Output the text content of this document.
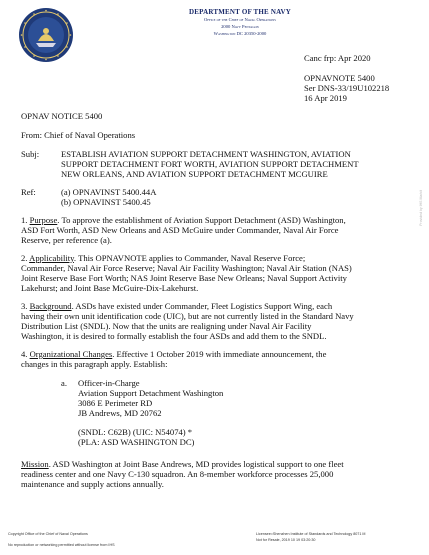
DEPARTMENT OF THE NAVY
Office of the Chief of Naval Operations
2000 Navy Pentagon
Washington DC 20350-2000
Canc frp: Apr 2020
OPNAVNOTE 5400
Ser DNS-33/19U102218
16 Apr 2019
OPNAV NOTICE 5400
From: Chief of Naval Operations
Subj:	ESTABLISH AVIATION SUPPORT DETACHMENT WASHINGTON, AVIATION
SUPPORT DETACHMENT FORT WORTH, AVIATION SUPPORT DETACHMENT
NEW ORLEANS, AND AVIATION SUPPORT DETACHMENT MCGUIRE
Ref:	(a) OPNAVINST 5400.44A
(b) OPNAVINST 5400.45
1. Purpose. To approve the establishment of Aviation Support Detachment (ASD) Washington,
ASD Fort Worth, ASD New Orleans and ASD McGuire under Commander, Naval Air Force
Reserve, per reference (a).
2. Applicability. This OPNAVNOTE applies to Commander, Naval Reserve Force;
Commander, Naval Air Force Reserve; Naval Air Facility Washington; Naval Air Station (NAS)
Joint Reserve Base Fort Worth; NAS Joint Reserve Base New Orleans; Naval Support Activity
Lakehurst; and Joint Base McGuire-Dix-Lakehurst.
3. Background. ASDs have existed under Commander, Fleet Logistics Support Wing, each
having their own unit identification code (UIC), but are not currently listed in the Standard Navy
Distribution List (SNDL). Now that the units are realigning under Naval Air Facility
Washington, it is desired to formally establish the four ASDs and add them to the SNDL.
4. Organizational Changes. Effective 1 October 2019 with immediate announcement, the
changes in this paragraph apply. Establish:
a. Officer-in-Charge
Aviation Support Detachment Washington
3086 E Perimeter RD
JB Andrews, MD 20762
(SNDL: C62B) (UIC: N54074) *
(PLA: ASD WASHINGTON DC)
Mission. ASD Washington at Joint Base Andrews, MD provides logistical support to one fleet
readiness center and one Navy C-130 squadron. An 8-member workforce processes 25,000
maintenance and supply actions annually.
Provided by IHS Markit
Copyright Office of the Chief of Naval Operations
No reproduction or networking permitted without license from IHS
Licensee=Shenzhen Institute of Standards and Technology 8071 M
Not for Resale, 2019 10 19 03:20:30
